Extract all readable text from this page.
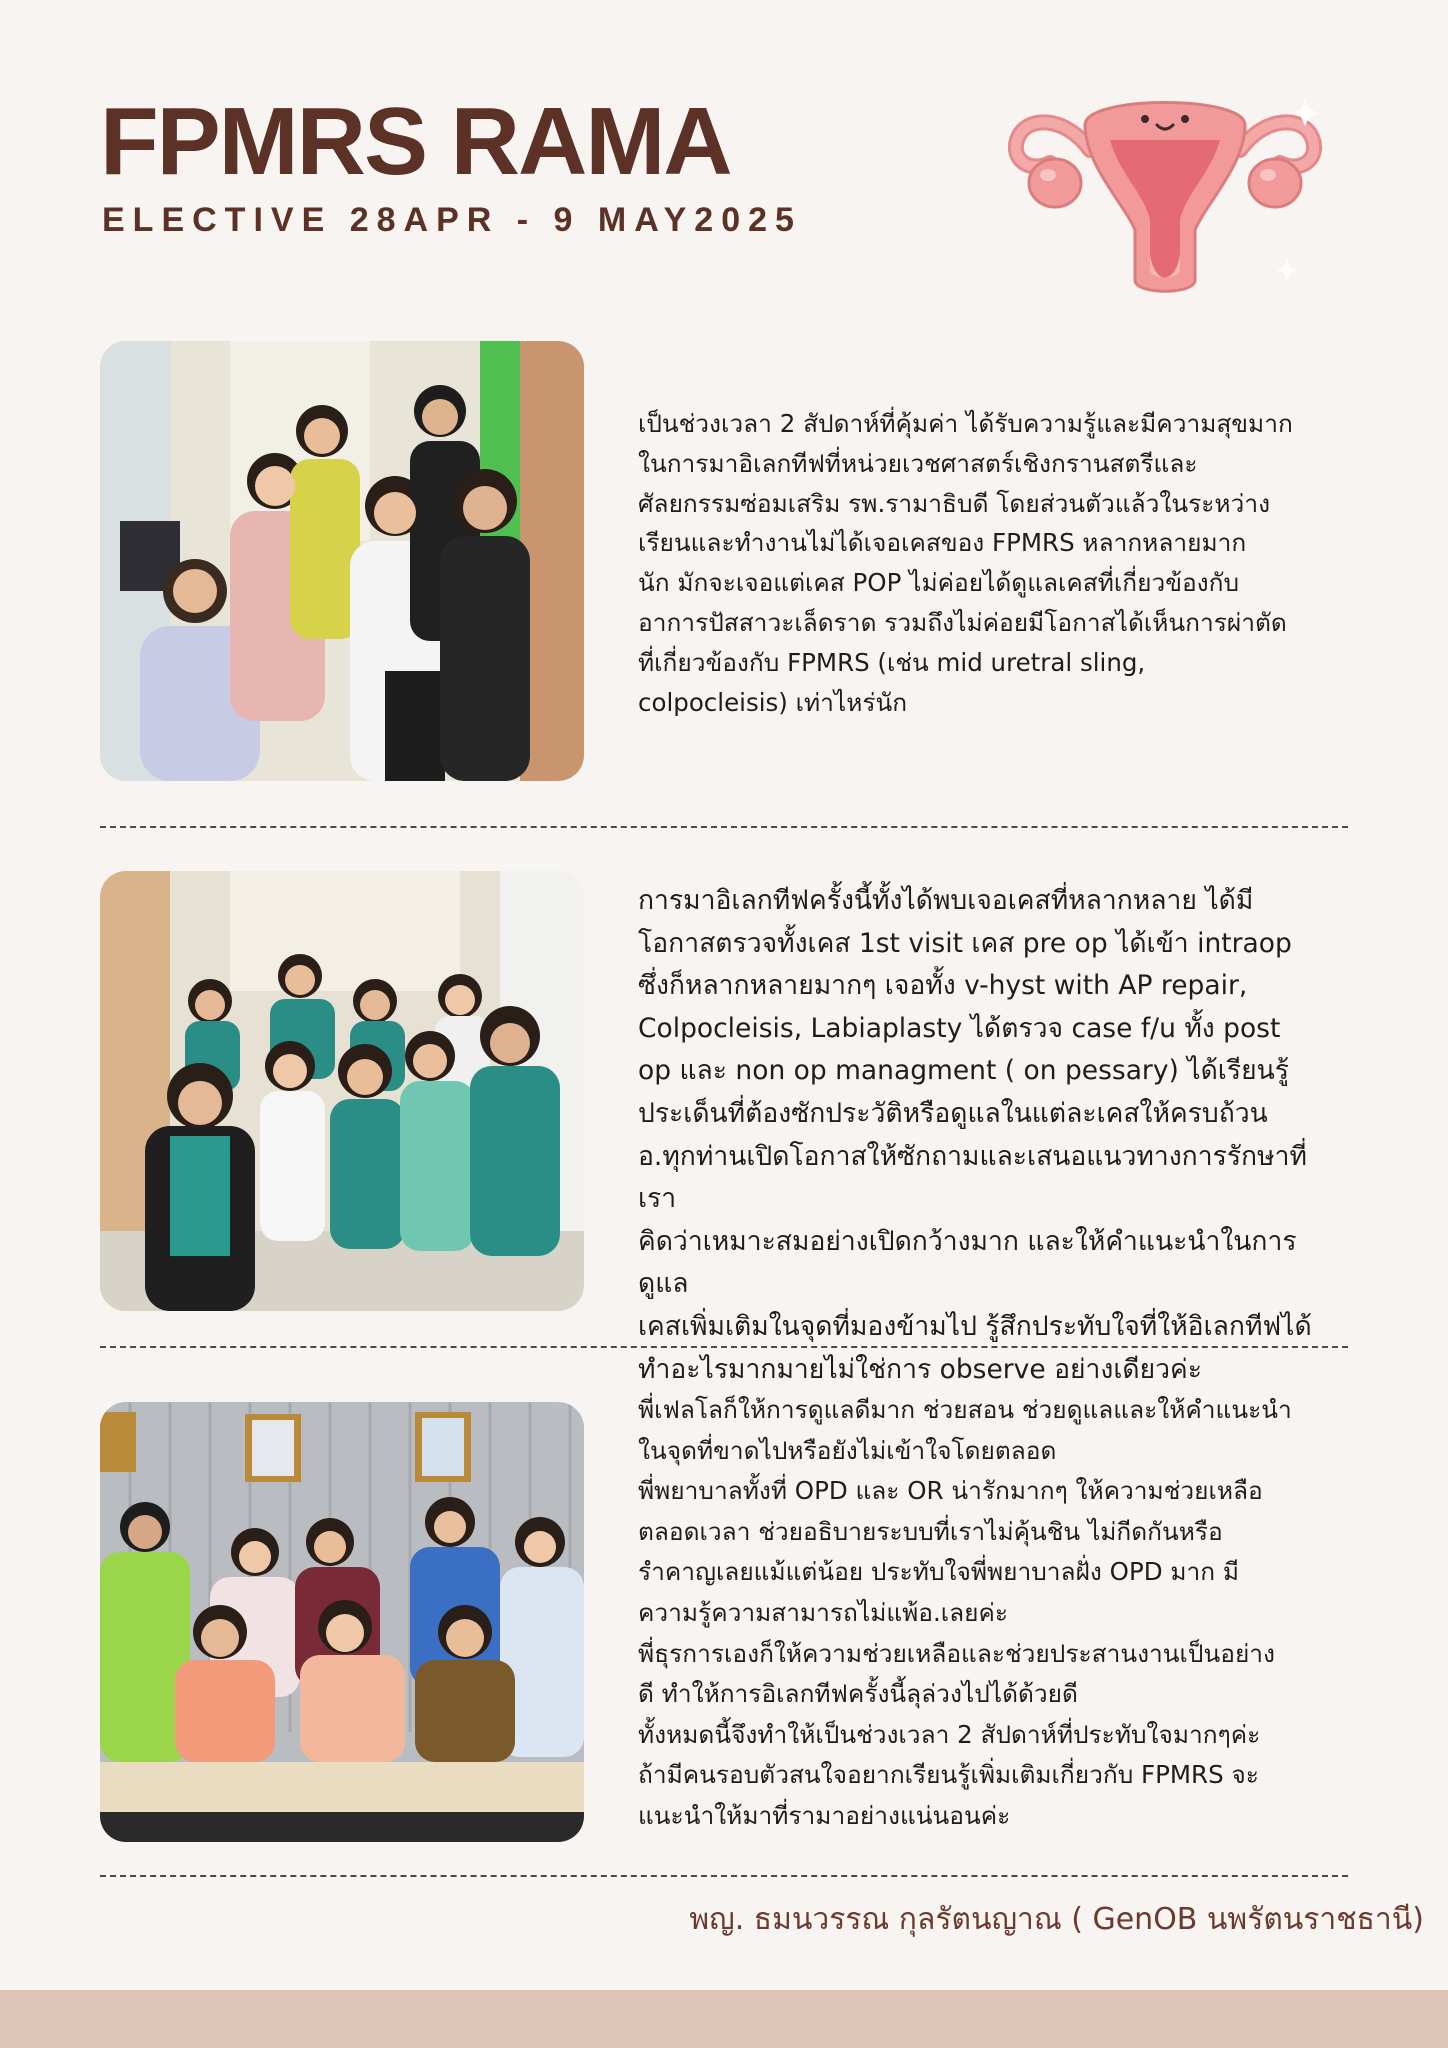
FPMRS RAMA
ELECTIVE 28APR - 9 MAY2025

เป็นช่วงเวลา 2 สัปดาห์ที่คุ้มค่า ได้รับความรู้และมีความสุขมาก
ในการมาอิเลกทีฟที่หน่วยเวชศาสตร์เชิงกรานสตรีและ
ศัลยกรรมซ่อมเสริม รพ.รามาธิบดี โดยส่วนตัวแล้วในระหว่าง
เรียนและทำงานไม่ได้เจอเคสของ FPMRS หลากหลายมาก
นัก มักจะเจอแต่เคส POP ไม่ค่อยได้ดูแลเคสที่เกี่ยวข้องกับ
อาการปัสสาวะเล็ดราด รวมถึงไม่ค่อยมีโอกาสได้เห็นการผ่าตัด
ที่เกี่ยวข้องกับ FPMRS (เช่น mid uretral sling,
colpocleisis) เท่าไหร่นัก

การมาอิเลกทีฟครั้งนี้ทั้งได้พบเจอเคสที่หลากหลาย ได้มี
โอกาสตรวจทั้งเคส 1st visit เคส pre op ได้เข้า intraop
ซึ่งก็หลากหลายมากๆ เจอทั้ง v-hyst with AP repair,
Colpocleisis, Labiaplasty ได้ตรวจ case f/u ทั้ง post
op และ non op managment ( on pessary) ได้เรียนรู้
ประเด็นที่ต้องซักประวัติหรือดูแลในแต่ละเคสให้ครบถ้วน
อ.ทุกท่านเปิดโอกาสให้ซักถามและเสนอแนวทางการรักษาที่เรา
คิดว่าเหมาะสมอย่างเปิดกว้างมาก และให้คำแนะนำในการดูแล
เคสเพิ่มเติมในจุดที่มองข้ามไป รู้สึกประทับใจที่ให้อิเลกทีฟได้
ทำอะไรมากมายไม่ใช่การ observe อย่างเดียวค่ะ

พี่เฟลโลก็ให้การดูแลดีมาก ช่วยสอน ช่วยดูแลและให้คำแนะนำ
ในจุดที่ขาดไปหรือยังไม่เข้าใจโดยตลอด
พี่พยาบาลทั้งที่ OPD และ OR น่ารักมากๆ ให้ความช่วยเหลือ
ตลอดเวลา ช่วยอธิบายระบบที่เราไม่คุ้นชิน ไม่กีดกันหรือ
รำคาญเลยแม้แต่น้อย ประทับใจพี่พยาบาลฝั่ง OPD มาก มี
ความรู้ความสามารถไม่แพ้อ.เลยค่ะ
พี่ธุรการเองก็ให้ความช่วยเหลือและช่วยประสานงานเป็นอย่าง
ดี ทำให้การอิเลกทีฟครั้งนี้ลุล่วงไปได้ด้วยดี
ทั้งหมดนี้จึงทำให้เป็นช่วงเวลา 2 สัปดาห์ที่ประทับใจมากๆค่ะ
ถ้ามีคนรอบตัวสนใจอยากเรียนรู้เพิ่มเติมเกี่ยวกับ FPMRS จะ
แนะนำให้มาที่รามาอย่างแน่นอนค่ะ

พญ. ธมนวรรณ กุลรัตนญาณ ( GenOB นพรัตนราชธานี)
